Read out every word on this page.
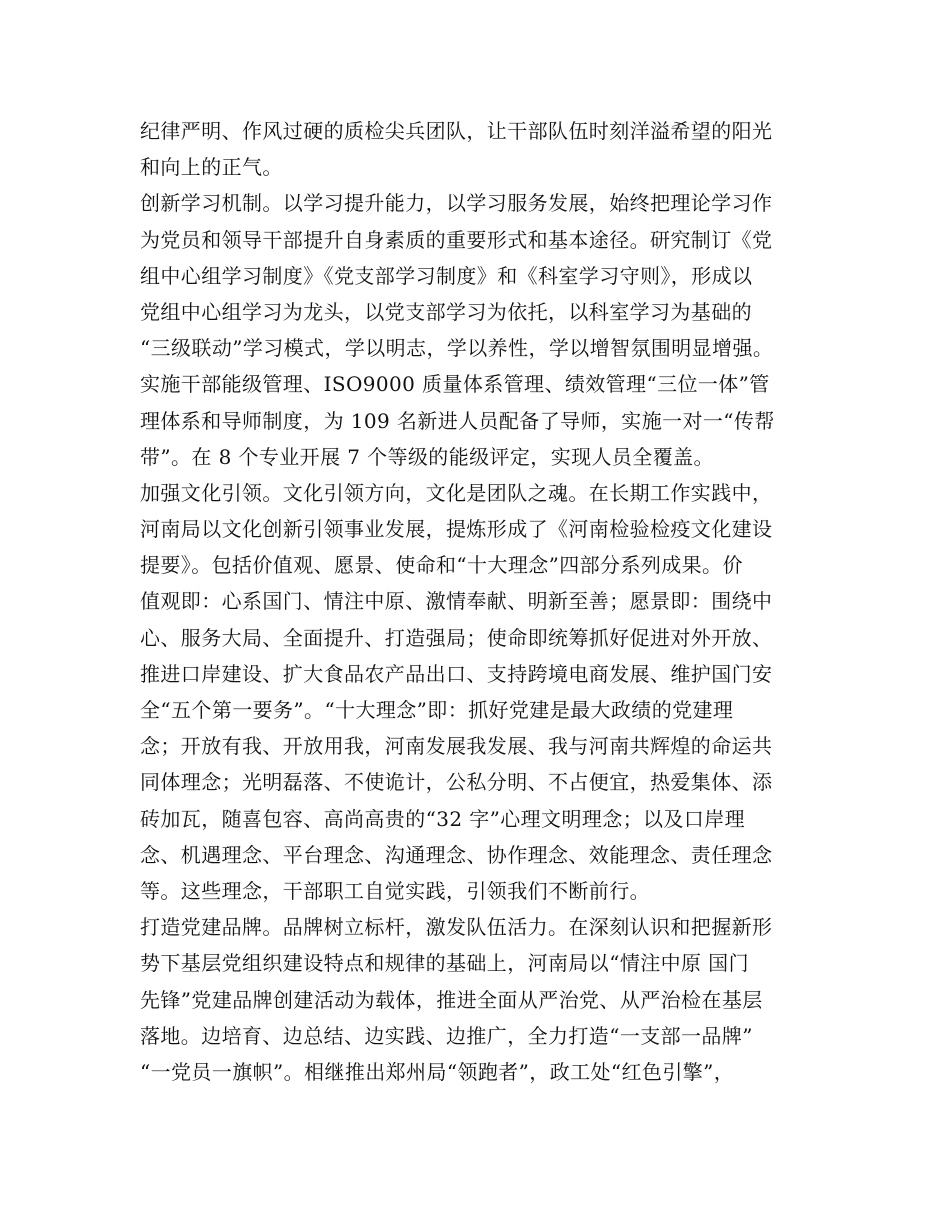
纪律严明、作风过硬的质检尖兵团队，让干部队伍时刻洋溢希望的阳光
和向上的正气。
创新学习机制。以学习提升能力，以学习服务发展，始终把理论学习作
为党员和领导干部提升自身素质的重要形式和基本途径。研究制订《党
组中心组学习制度》《党支部学习制度》和《科室学习守则》，形成以
党组中心组学习为龙头，以党支部学习为依托，以科室学习为基础的
“三级联动”学习模式，学以明志，学以养性，学以增智氛围明显增强。
实施干部能级管理、ISO9000 质量体系管理、绩效管理“三位一体”管
理体系和导师制度，为 109 名新进人员配备了导师，实施一对一“传帮
带”。在 8 个专业开展 7 个等级的能级评定，实现人员全覆盖。
加强文化引领。文化引领方向，文化是团队之魂。在长期工作实践中，
河南局以文化创新引领事业发展，提炼形成了《河南检验检疫文化建设
提要》。包括价值观、愿景、使命和“十大理念”四部分系列成果。价
值观即：心系国门、情注中原、激情奉献、明新至善；愿景即：围绕中
心、服务大局、全面提升、打造强局；使命即统筹抓好促进对外开放、
推进口岸建设、扩大食品农产品出口、支持跨境电商发展、维护国门安
全“五个第一要务”。“十大理念”即：抓好党建是最大政绩的党建理
念；开放有我、开放用我，河南发展我发展、我与河南共辉煌的命运共
同体理念；光明磊落、不使诡计，公私分明、不占便宜，热爱集体、添
砖加瓦，随喜包容、高尚高贵的“32 字”心理文明理念；以及口岸理
念、机遇理念、平台理念、沟通理念、协作理念、效能理念、责任理念
等。这些理念，干部职工自觉实践，引领我们不断前行。
打造党建品牌。品牌树立标杆，激发队伍活力。在深刻认识和把握新形
势下基层党组织建设特点和规律的基础上，河南局以“情注中原 国门
先锋”党建品牌创建活动为载体，推进全面从严治党、从严治检在基层
落地。边培育、边总结、边实践、边推广，全力打造“一支部一品牌”
“一党员一旗帜”。相继推出郑州局“领跑者”，政工处“红色引擎”，
